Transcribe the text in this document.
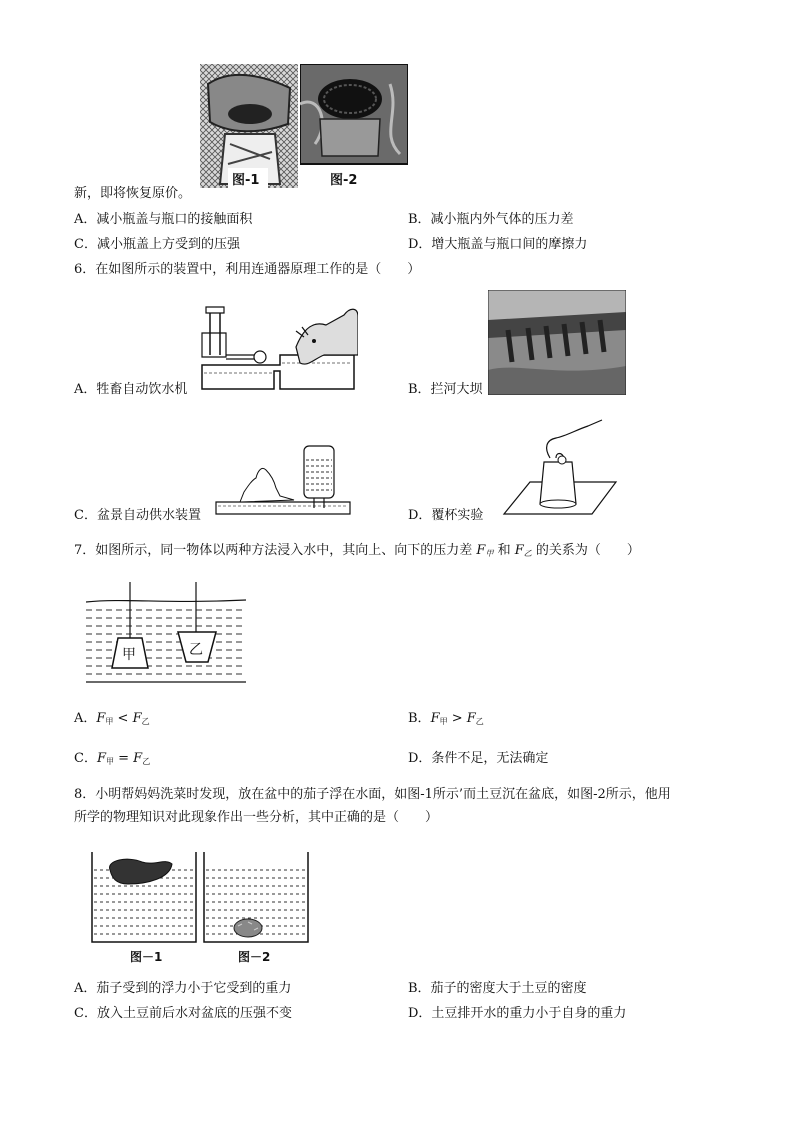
图-1	图-2
新，即将恢复原价。
A．减小瓶盖与瓶口的接触面积	B．减小瓶内外气体的压力差
C．减小瓶盖上方受到的压强	D．增大瓶盖与瓶口间的摩擦力
6．在如图所示的装置中，利用连通器原理工作的是（　　）
A．牲畜自动饮水机	B．拦河大坝
C．盆景自动供水装置	D．覆杯实验
7．如图所示，同一物体以两种方法浸入水中，其向上、向下的压力差 $F_甲$ 和 $F_乙$ 的关系为（　　）
甲	乙
A．$F_甲 < F_乙$	B．$F_甲 > F_乙$
C．$F_甲 = F_乙$	D．条件不足，无法确定
8．小明帮妈妈洗菜时发现，放在盆中的茄子浮在水面，如图-1所示’而土豆沉在盆底，如图-2所示，他用
所学的物理知识对此现象作出一些分析，其中正确的是（　　）
图－1	图－2
A．茄子受到的浮力小于它受到的重力	B．茄子的密度大于土豆的密度
C．放入土豆前后水对盆底的压强不变	D．土豆排开水的重力小于自身的重力
